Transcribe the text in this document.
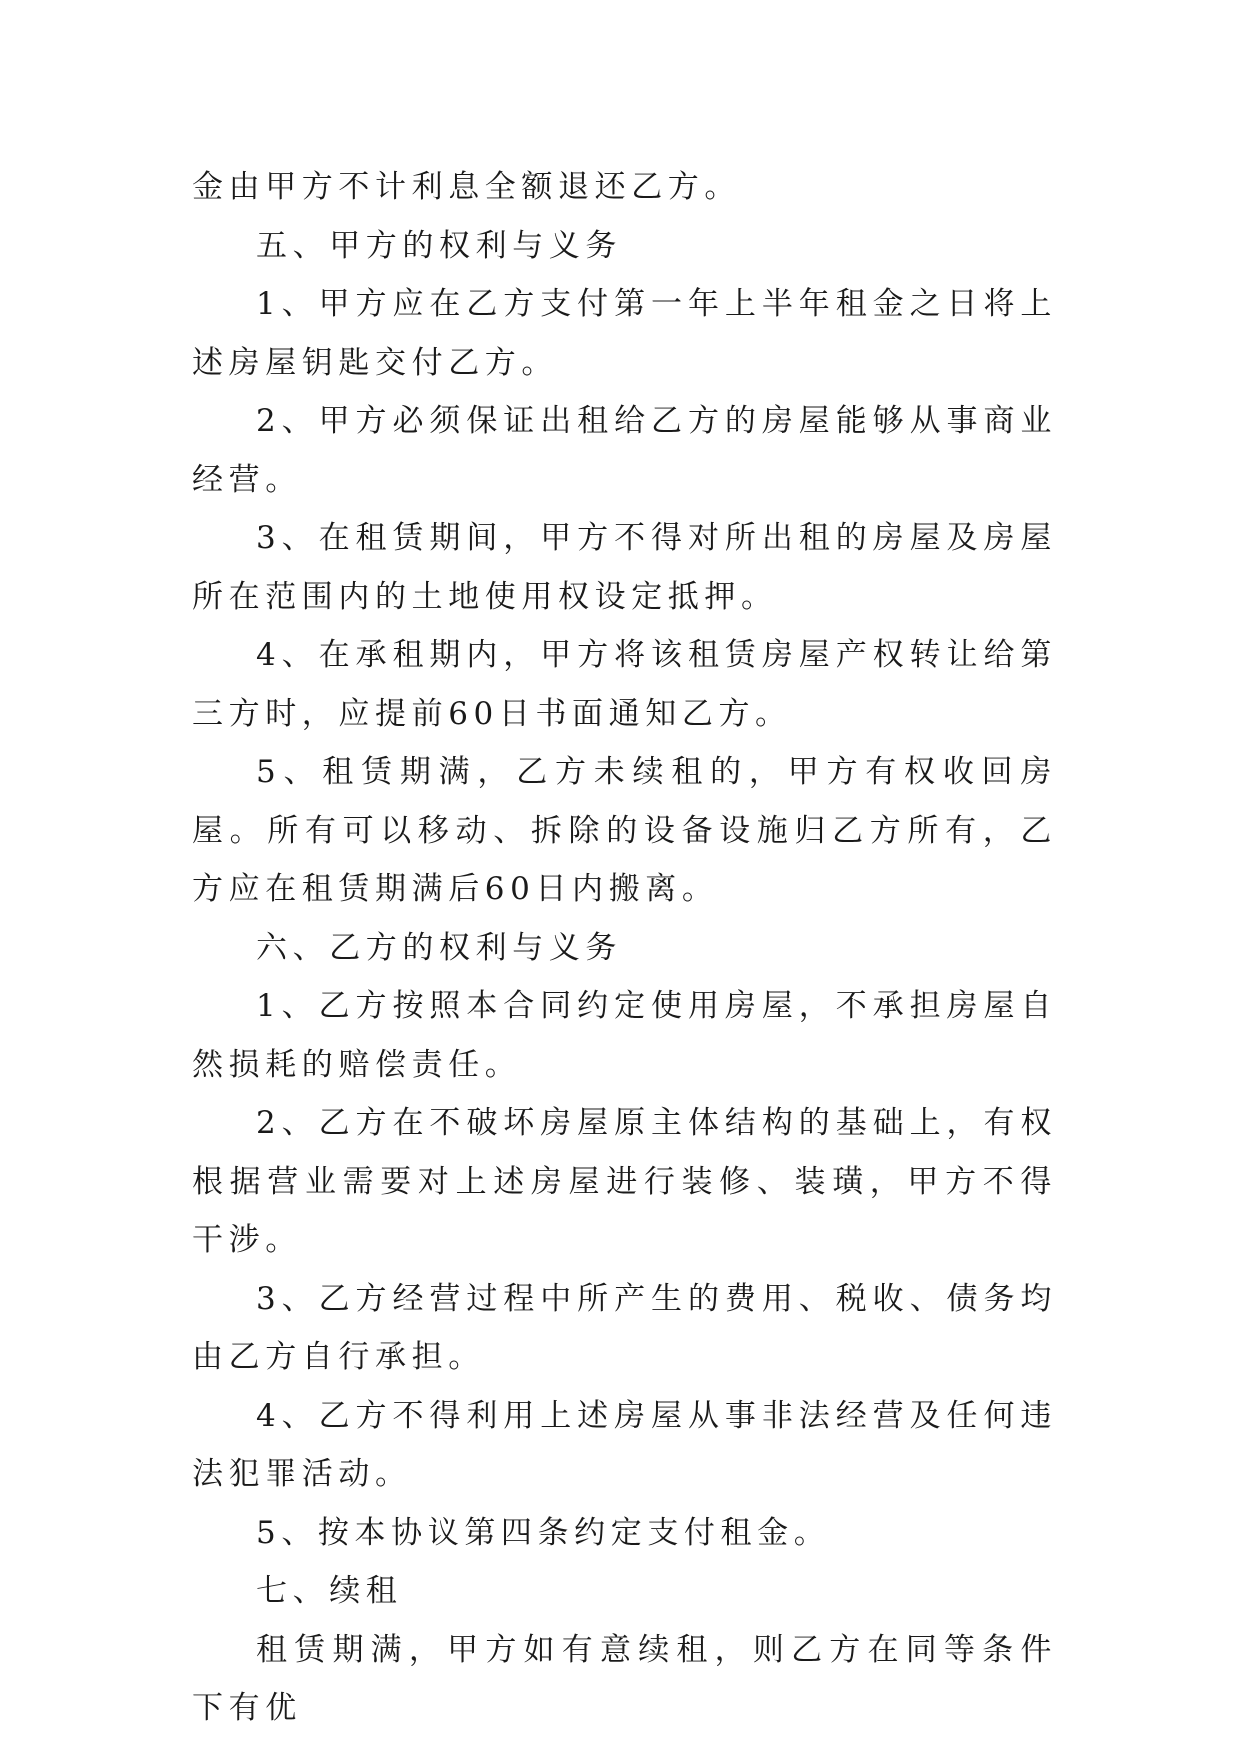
金由甲方不计利息全额退还乙方。

五、甲方的权利与义务

1、甲方应在乙方支付第一年上半年租金之日将上述房屋钥匙交付乙方。

2、甲方必须保证出租给乙方的房屋能够从事商业经营。

3、在租赁期间，甲方不得对所出租的房屋及房屋所在范围内的土地使用权设定抵押。

4、在承租期内，甲方将该租赁房屋产权转让给第三方时，应提前60日书面通知乙方。

5、租赁期满，乙方未续租的，甲方有权收回房屋。所有可以移动、拆除的设备设施归乙方所有，乙方应在租赁期满后60日内搬离。

六、乙方的权利与义务

1、乙方按照本合同约定使用房屋，不承担房屋自然损耗的赔偿责任。

2、乙方在不破坏房屋原主体结构的基础上，有权根据营业需要对上述房屋进行装修、装璜，甲方不得干涉。

3、乙方经营过程中所产生的费用、税收、债务均由乙方自行承担。

4、乙方不得利用上述房屋从事非法经营及任何违法犯罪活动。

5、按本协议第四条约定支付租金。

七、续租

租赁期满，甲方如有意续租，则乙方在同等条件下有优
